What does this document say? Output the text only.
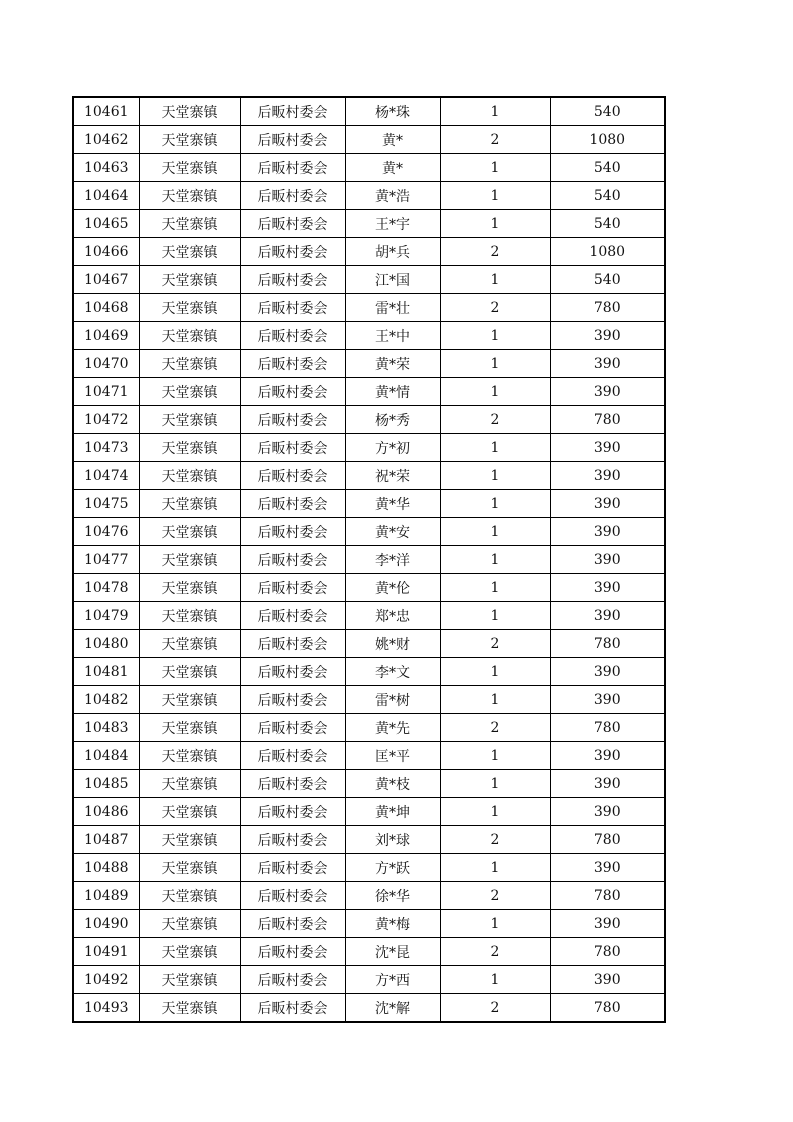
10461	天堂寨镇	后畈村委会	杨*珠	1	540
10462	天堂寨镇	后畈村委会	黄*	2	1080
10463	天堂寨镇	后畈村委会	黄*	1	540
10464	天堂寨镇	后畈村委会	黄*浩	1	540
10465	天堂寨镇	后畈村委会	王*宇	1	540
10466	天堂寨镇	后畈村委会	胡*兵	2	1080
10467	天堂寨镇	后畈村委会	江*国	1	540
10468	天堂寨镇	后畈村委会	雷*壮	2	780
10469	天堂寨镇	后畈村委会	王*中	1	390
10470	天堂寨镇	后畈村委会	黄*荣	1	390
10471	天堂寨镇	后畈村委会	黄*情	1	390
10472	天堂寨镇	后畈村委会	杨*秀	2	780
10473	天堂寨镇	后畈村委会	方*初	1	390
10474	天堂寨镇	后畈村委会	祝*荣	1	390
10475	天堂寨镇	后畈村委会	黄*华	1	390
10476	天堂寨镇	后畈村委会	黄*安	1	390
10477	天堂寨镇	后畈村委会	李*洋	1	390
10478	天堂寨镇	后畈村委会	黄*伦	1	390
10479	天堂寨镇	后畈村委会	郑*忠	1	390
10480	天堂寨镇	后畈村委会	姚*财	2	780
10481	天堂寨镇	后畈村委会	李*文	1	390
10482	天堂寨镇	后畈村委会	雷*树	1	390
10483	天堂寨镇	后畈村委会	黄*先	2	780
10484	天堂寨镇	后畈村委会	匡*平	1	390
10485	天堂寨镇	后畈村委会	黄*枝	1	390
10486	天堂寨镇	后畈村委会	黄*坤	1	390
10487	天堂寨镇	后畈村委会	刘*球	2	780
10488	天堂寨镇	后畈村委会	方*跃	1	390
10489	天堂寨镇	后畈村委会	徐*华	2	780
10490	天堂寨镇	后畈村委会	黄*梅	1	390
10491	天堂寨镇	后畈村委会	沈*昆	2	780
10492	天堂寨镇	后畈村委会	方*西	1	390
10493	天堂寨镇	后畈村委会	沈*解	2	780
